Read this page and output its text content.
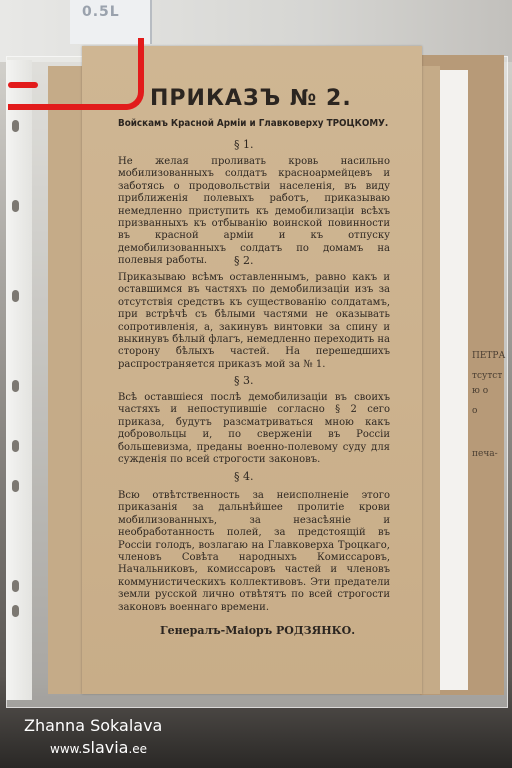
0.5L
ПЕТРА
тсутст
ю о
о
печа-
ПРИКАЗЪ № 2.
Войскамъ Красной Арміи и Главковерху ТРОЦКОМУ.
§ 1.
Не желая проливать кровь насильно мобилизованныхъ солдатъ красноармейцевъ и заботясь о продовольствіи населенія, въ виду приближенія полевыхъ работъ, приказываю немедленно приступить къ демобилизаціи всѣхъ призванныхъ къ отбыванію воинской повинности въ красной арміи и къ отпуску демобилизованныхъ солдатъ по домамъ на полевыя работы.	§ 2.
Приказываю всѣмъ оставленнымъ, равно какъ и оставшимся въ частяхъ по демобилизаціи изъ за отсутствія средствъ къ существованію солдатамъ, при встрѣчѣ съ бѣлыми частями не оказывать сопротивленія, а, закинувъ винтовки за спину и выкинувъ бѣлый флагъ, немедленно переходить на сторону бѣлыхъ частей. На перешедшихъ распространяется приказъ мой за № 1.
§ 3.
Всѣ оставшіеся послѣ демобилизаціи въ своихъ частяхъ и непоступившіе согласно § 2 сего приказа, будутъ разсматриваться мною какъ добровольцы и, по сверженіи въ Россіи большевизма, преданы военно-полевому суду для сужденія по всей строгости законовъ.
§ 4.
Всю отвѣтственность за неисполненіе этого приказанія за дальнѣйшее пролитіе крови мобилизованныхъ, за незасѣяніе и необработанность полей, за предстоящій въ Россіи голодъ, возлагаю на Главковерха Троцкаго, членовъ Совѣта народныхъ Комиссаровъ, Начальниковъ, комиссаровъ частей и членовъ коммунистическихъ коллективовъ. Эти предатели земли русской лично отвѣтятъ по всей строгости законовъ военнаго времени.
Генералъ-Маіоръ РОДЗЯНКО.
Zhanna Sokalava
www.slavia.ee
